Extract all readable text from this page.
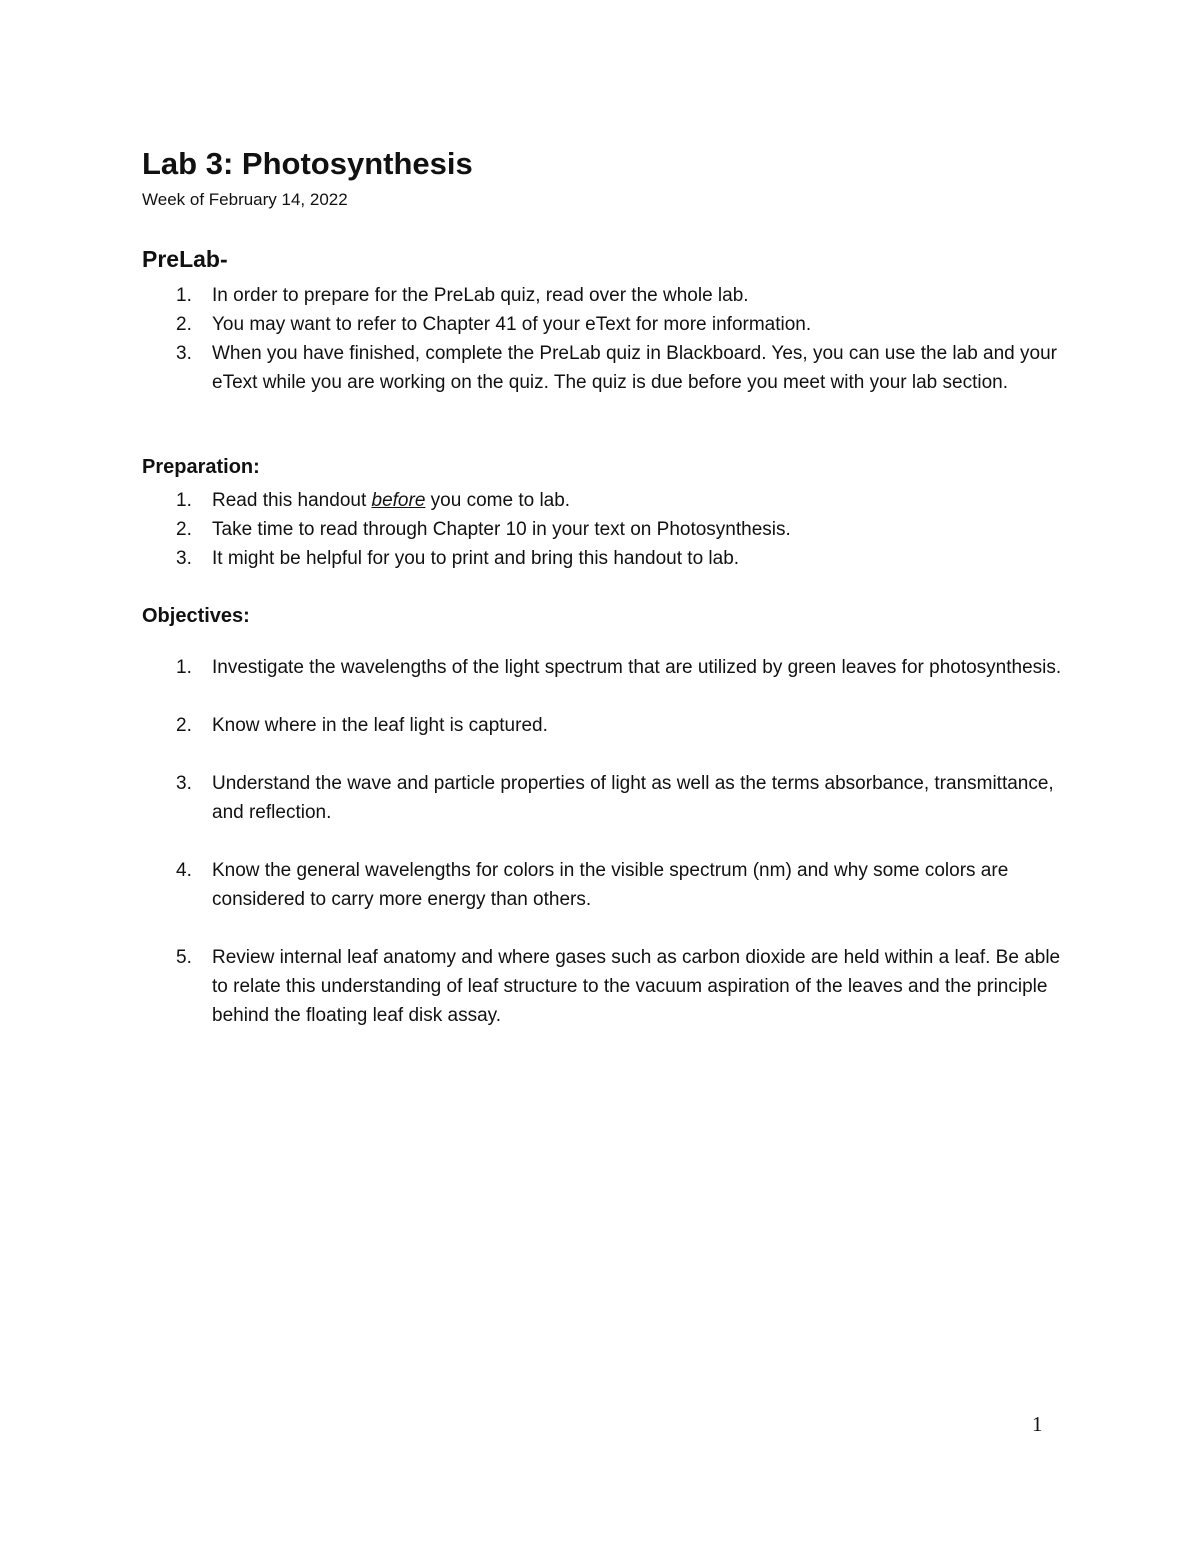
Lab 3: Photosynthesis

Week of February 14, 2022

PreLab-
1. In order to prepare for the PreLab quiz, read over the whole lab.
2. You may want to refer to Chapter 41 of your eText for more information.
3. When you have finished, complete the PreLab quiz in Blackboard. Yes, you can use the lab and your eText while you are working on the quiz. The quiz is due before you meet with your lab section.
Preparation:
1. Read this handout before you come to lab.
2. Take time to read through Chapter 10 in your text on Photosynthesis.
3. It might be helpful for you to print and bring this handout to lab.
Objectives:
1. Investigate the wavelengths of the light spectrum that are utilized by green leaves for photosynthesis.
2. Know where in the leaf light is captured.
3. Understand the wave and particle properties of light as well as the terms absorbance, transmittance, and reflection.
4. Know the general wavelengths for colors in the visible spectrum (nm) and why some colors are considered to carry more energy than others.
5. Review internal leaf anatomy and where gases such as carbon dioxide are held within a leaf. Be able to relate this understanding of leaf structure to the vacuum aspiration of the leaves and the principle behind the floating leaf disk assay.

1
